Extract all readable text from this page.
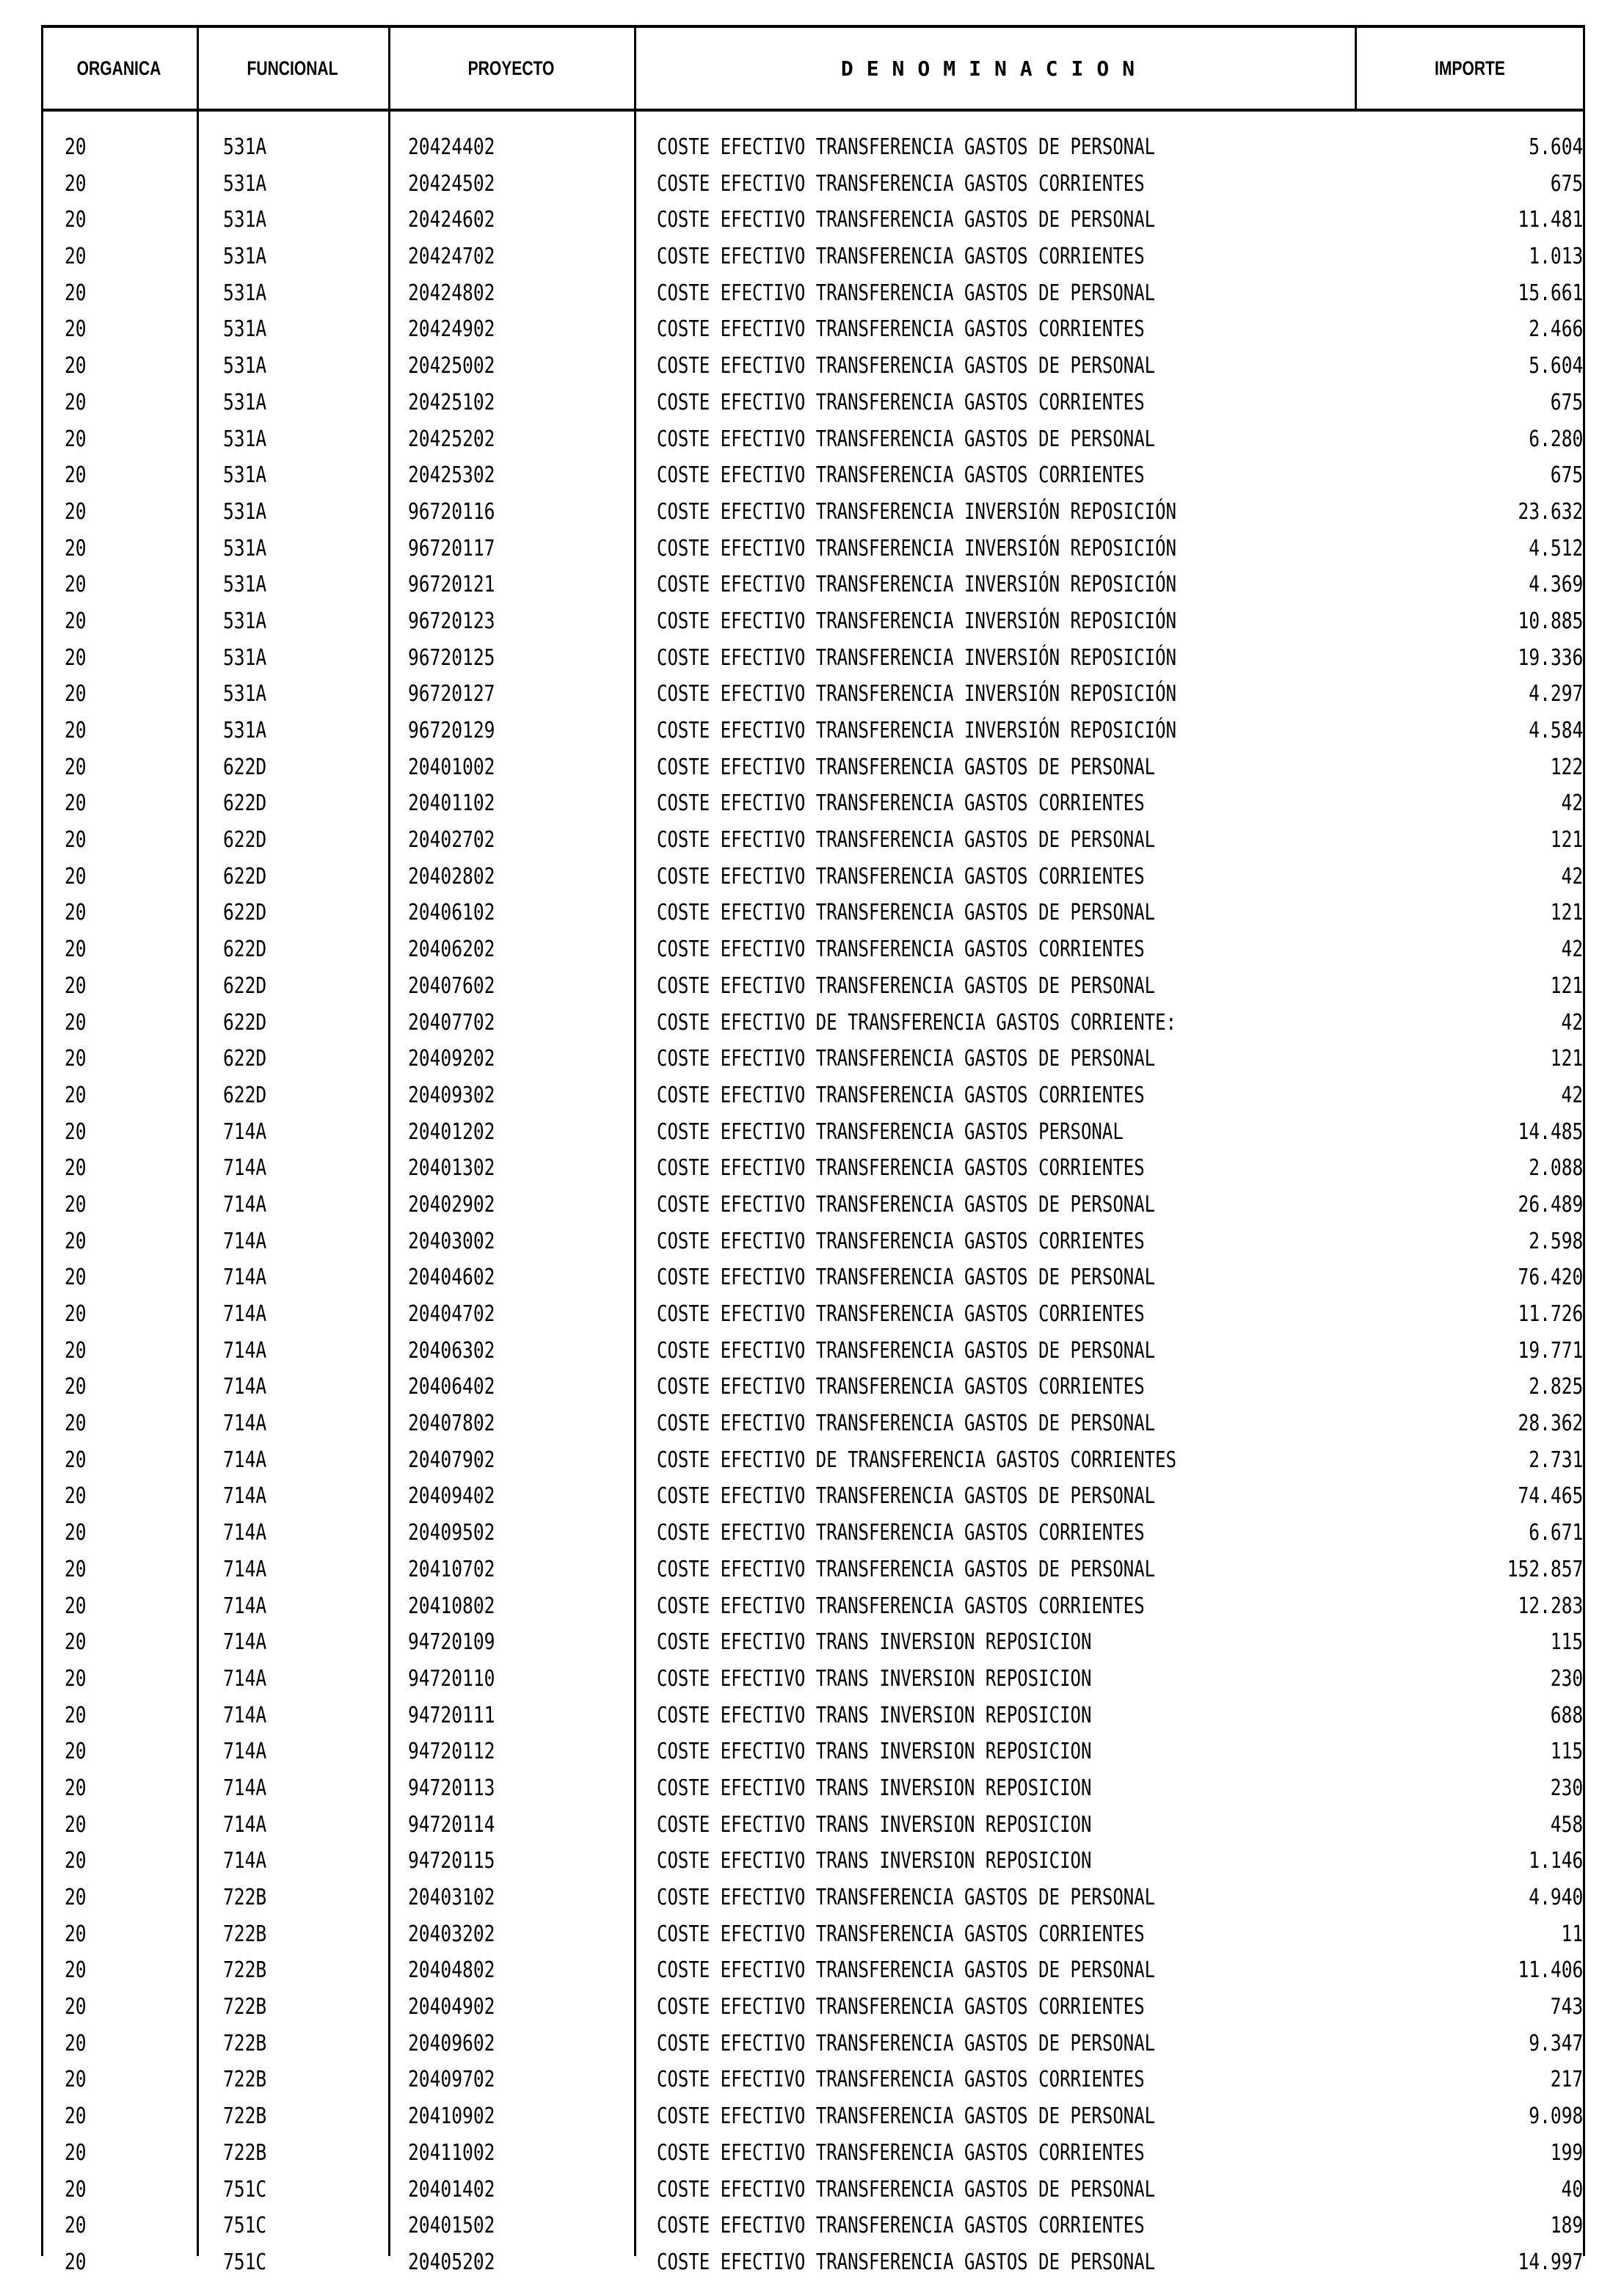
ORGANICA	FUNCIONAL	PROYECTO	DENOMINACION	IMPORTE
20	531A	20424402	COSTE EFECTIVO TRANSFERENCIA GASTOS DE PERSONAL	5.604
20	531A	20424502	COSTE EFECTIVO TRANSFERENCIA GASTOS CORRIENTES	675
20	531A	20424602	COSTE EFECTIVO TRANSFERENCIA GASTOS DE PERSONAL	11.481
20	531A	20424702	COSTE EFECTIVO TRANSFERENCIA GASTOS CORRIENTES	1.013
20	531A	20424802	COSTE EFECTIVO TRANSFERENCIA GASTOS DE PERSONAL	15.661
20	531A	20424902	COSTE EFECTIVO TRANSFERENCIA GASTOS CORRIENTES	2.466
20	531A	20425002	COSTE EFECTIVO TRANSFERENCIA GASTOS DE PERSONAL	5.604
20	531A	20425102	COSTE EFECTIVO TRANSFERENCIA GASTOS CORRIENTES	675
20	531A	20425202	COSTE EFECTIVO TRANSFERENCIA GASTOS DE PERSONAL	6.280
20	531A	20425302	COSTE EFECTIVO TRANSFERENCIA GASTOS CORRIENTES	675
20	531A	96720116	COSTE EFECTIVO TRANSFERENCIA INVERSIÓN REPOSICIÓN	23.632
20	531A	96720117	COSTE EFECTIVO TRANSFERENCIA INVERSIÓN REPOSICIÓN	4.512
20	531A	96720121	COSTE EFECTIVO TRANSFERENCIA INVERSIÓN REPOSICIÓN	4.369
20	531A	96720123	COSTE EFECTIVO TRANSFERENCIA INVERSIÓN REPOSICIÓN	10.885
20	531A	96720125	COSTE EFECTIVO TRANSFERENCIA INVERSIÓN REPOSICIÓN	19.336
20	531A	96720127	COSTE EFECTIVO TRANSFERENCIA INVERSIÓN REPOSICIÓN	4.297
20	531A	96720129	COSTE EFECTIVO TRANSFERENCIA INVERSIÓN REPOSICIÓN	4.584
20	622D	20401002	COSTE EFECTIVO TRANSFERENCIA GASTOS DE PERSONAL	122
20	622D	20401102	COSTE EFECTIVO TRANSFERENCIA GASTOS CORRIENTES	42
20	622D	20402702	COSTE EFECTIVO TRANSFERENCIA GASTOS DE PERSONAL	121
20	622D	20402802	COSTE EFECTIVO TRANSFERENCIA GASTOS CORRIENTES	42
20	622D	20406102	COSTE EFECTIVO TRANSFERENCIA GASTOS DE PERSONAL	121
20	622D	20406202	COSTE EFECTIVO TRANSFERENCIA GASTOS CORRIENTES	42
20	622D	20407602	COSTE EFECTIVO TRANSFERENCIA GASTOS DE PERSONAL	121
20	622D	20407702	COSTE EFECTIVO DE TRANSFERENCIA GASTOS CORRIENTE:	42
20	622D	20409202	COSTE EFECTIVO TRANSFERENCIA GASTOS DE PERSONAL	121
20	622D	20409302	COSTE EFECTIVO TRANSFERENCIA GASTOS CORRIENTES	42
20	714A	20401202	COSTE EFECTIVO TRANSFERENCIA GASTOS PERSONAL	14.485
20	714A	20401302	COSTE EFECTIVO TRANSFERENCIA GASTOS CORRIENTES	2.088
20	714A	20402902	COSTE EFECTIVO TRANSFERENCIA GASTOS DE PERSONAL	26.489
20	714A	20403002	COSTE EFECTIVO TRANSFERENCIA GASTOS CORRIENTES	2.598
20	714A	20404602	COSTE EFECTIVO TRANSFERENCIA GASTOS DE PERSONAL	76.420
20	714A	20404702	COSTE EFECTIVO TRANSFERENCIA GASTOS CORRIENTES	11.726
20	714A	20406302	COSTE EFECTIVO TRANSFERENCIA GASTOS DE PERSONAL	19.771
20	714A	20406402	COSTE EFECTIVO TRANSFERENCIA GASTOS CORRIENTES	2.825
20	714A	20407802	COSTE EFECTIVO TRANSFERENCIA GASTOS DE PERSONAL	28.362
20	714A	20407902	COSTE EFECTIVO DE TRANSFERENCIA GASTOS CORRIENTES	2.731
20	714A	20409402	COSTE EFECTIVO TRANSFERENCIA GASTOS DE PERSONAL	74.465
20	714A	20409502	COSTE EFECTIVO TRANSFERENCIA GASTOS CORRIENTES	6.671
20	714A	20410702	COSTE EFECTIVO TRANSFERENCIA GASTOS DE PERSONAL	152.857
20	714A	20410802	COSTE EFECTIVO TRANSFERENCIA GASTOS CORRIENTES	12.283
20	714A	94720109	COSTE EFECTIVO TRANS INVERSION REPOSICION	115
20	714A	94720110	COSTE EFECTIVO TRANS INVERSION REPOSICION	230
20	714A	94720111	COSTE EFECTIVO TRANS INVERSION REPOSICION	688
20	714A	94720112	COSTE EFECTIVO TRANS INVERSION REPOSICION	115
20	714A	94720113	COSTE EFECTIVO TRANS INVERSION REPOSICION	230
20	714A	94720114	COSTE EFECTIVO TRANS INVERSION REPOSICION	458
20	714A	94720115	COSTE EFECTIVO TRANS INVERSION REPOSICION	1.146
20	722B	20403102	COSTE EFECTIVO TRANSFERENCIA GASTOS DE PERSONAL	4.940
20	722B	20403202	COSTE EFECTIVO TRANSFERENCIA GASTOS CORRIENTES	11
20	722B	20404802	COSTE EFECTIVO TRANSFERENCIA GASTOS DE PERSONAL	11.406
20	722B	20404902	COSTE EFECTIVO TRANSFERENCIA GASTOS CORRIENTES	743
20	722B	20409602	COSTE EFECTIVO TRANSFERENCIA GASTOS DE PERSONAL	9.347
20	722B	20409702	COSTE EFECTIVO TRANSFERENCIA GASTOS CORRIENTES	217
20	722B	20410902	COSTE EFECTIVO TRANSFERENCIA GASTOS DE PERSONAL	9.098
20	722B	20411002	COSTE EFECTIVO TRANSFERENCIA GASTOS CORRIENTES	199
20	751C	20401402	COSTE EFECTIVO TRANSFERENCIA GASTOS DE PERSONAL	40
20	751C	20401502	COSTE EFECTIVO TRANSFERENCIA GASTOS CORRIENTES	189
20	751C	20405202	COSTE EFECTIVO TRANSFERENCIA GASTOS DE PERSONAL	14.997
